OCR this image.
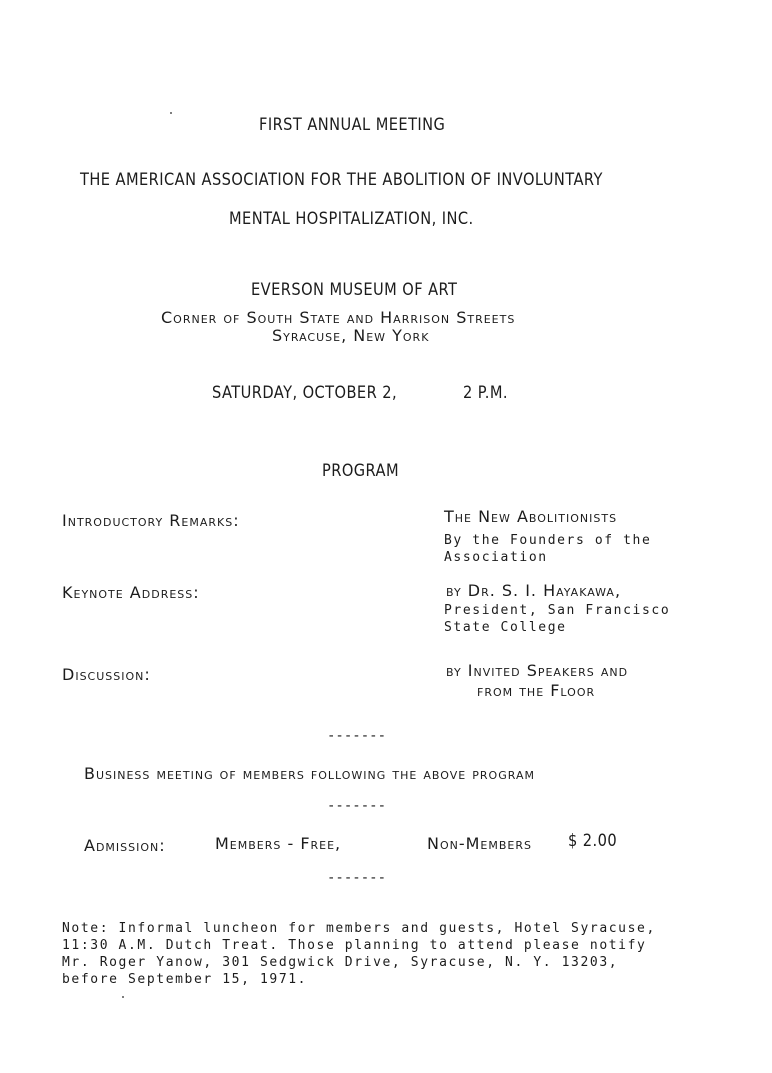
FIRST ANNUAL MEETING
THE AMERICAN ASSOCIATION FOR THE ABOLITION OF INVOLUNTARY
MENTAL HOSPITALIZATION, INC.
EVERSON MUSEUM OF ART
Corner of South State and Harrison Streets
Syracuse, New York
SATURDAY, OCTOBER 2,	2 P.M.
PROGRAM
Introductory Remarks:	The New Abolitionists
By the Founders of the
Association
Keynote Address:	by Dr. S. I. Hayakawa,
President, San Francisco
State College
Discussion:	by Invited Speakers and
from the Floor
-------
Business meeting of members following the above program
-------
Admission:	Members - Free,	Non-Members $ 2.00
-------
Note: Informal luncheon for members and guests, Hotel Syracuse,
11:30 A.M. Dutch Treat. Those planning to attend please notify
Mr. Roger Yanow, 301 Sedgwick Drive, Syracuse, N. Y. 13203,
before September 15, 1971.
